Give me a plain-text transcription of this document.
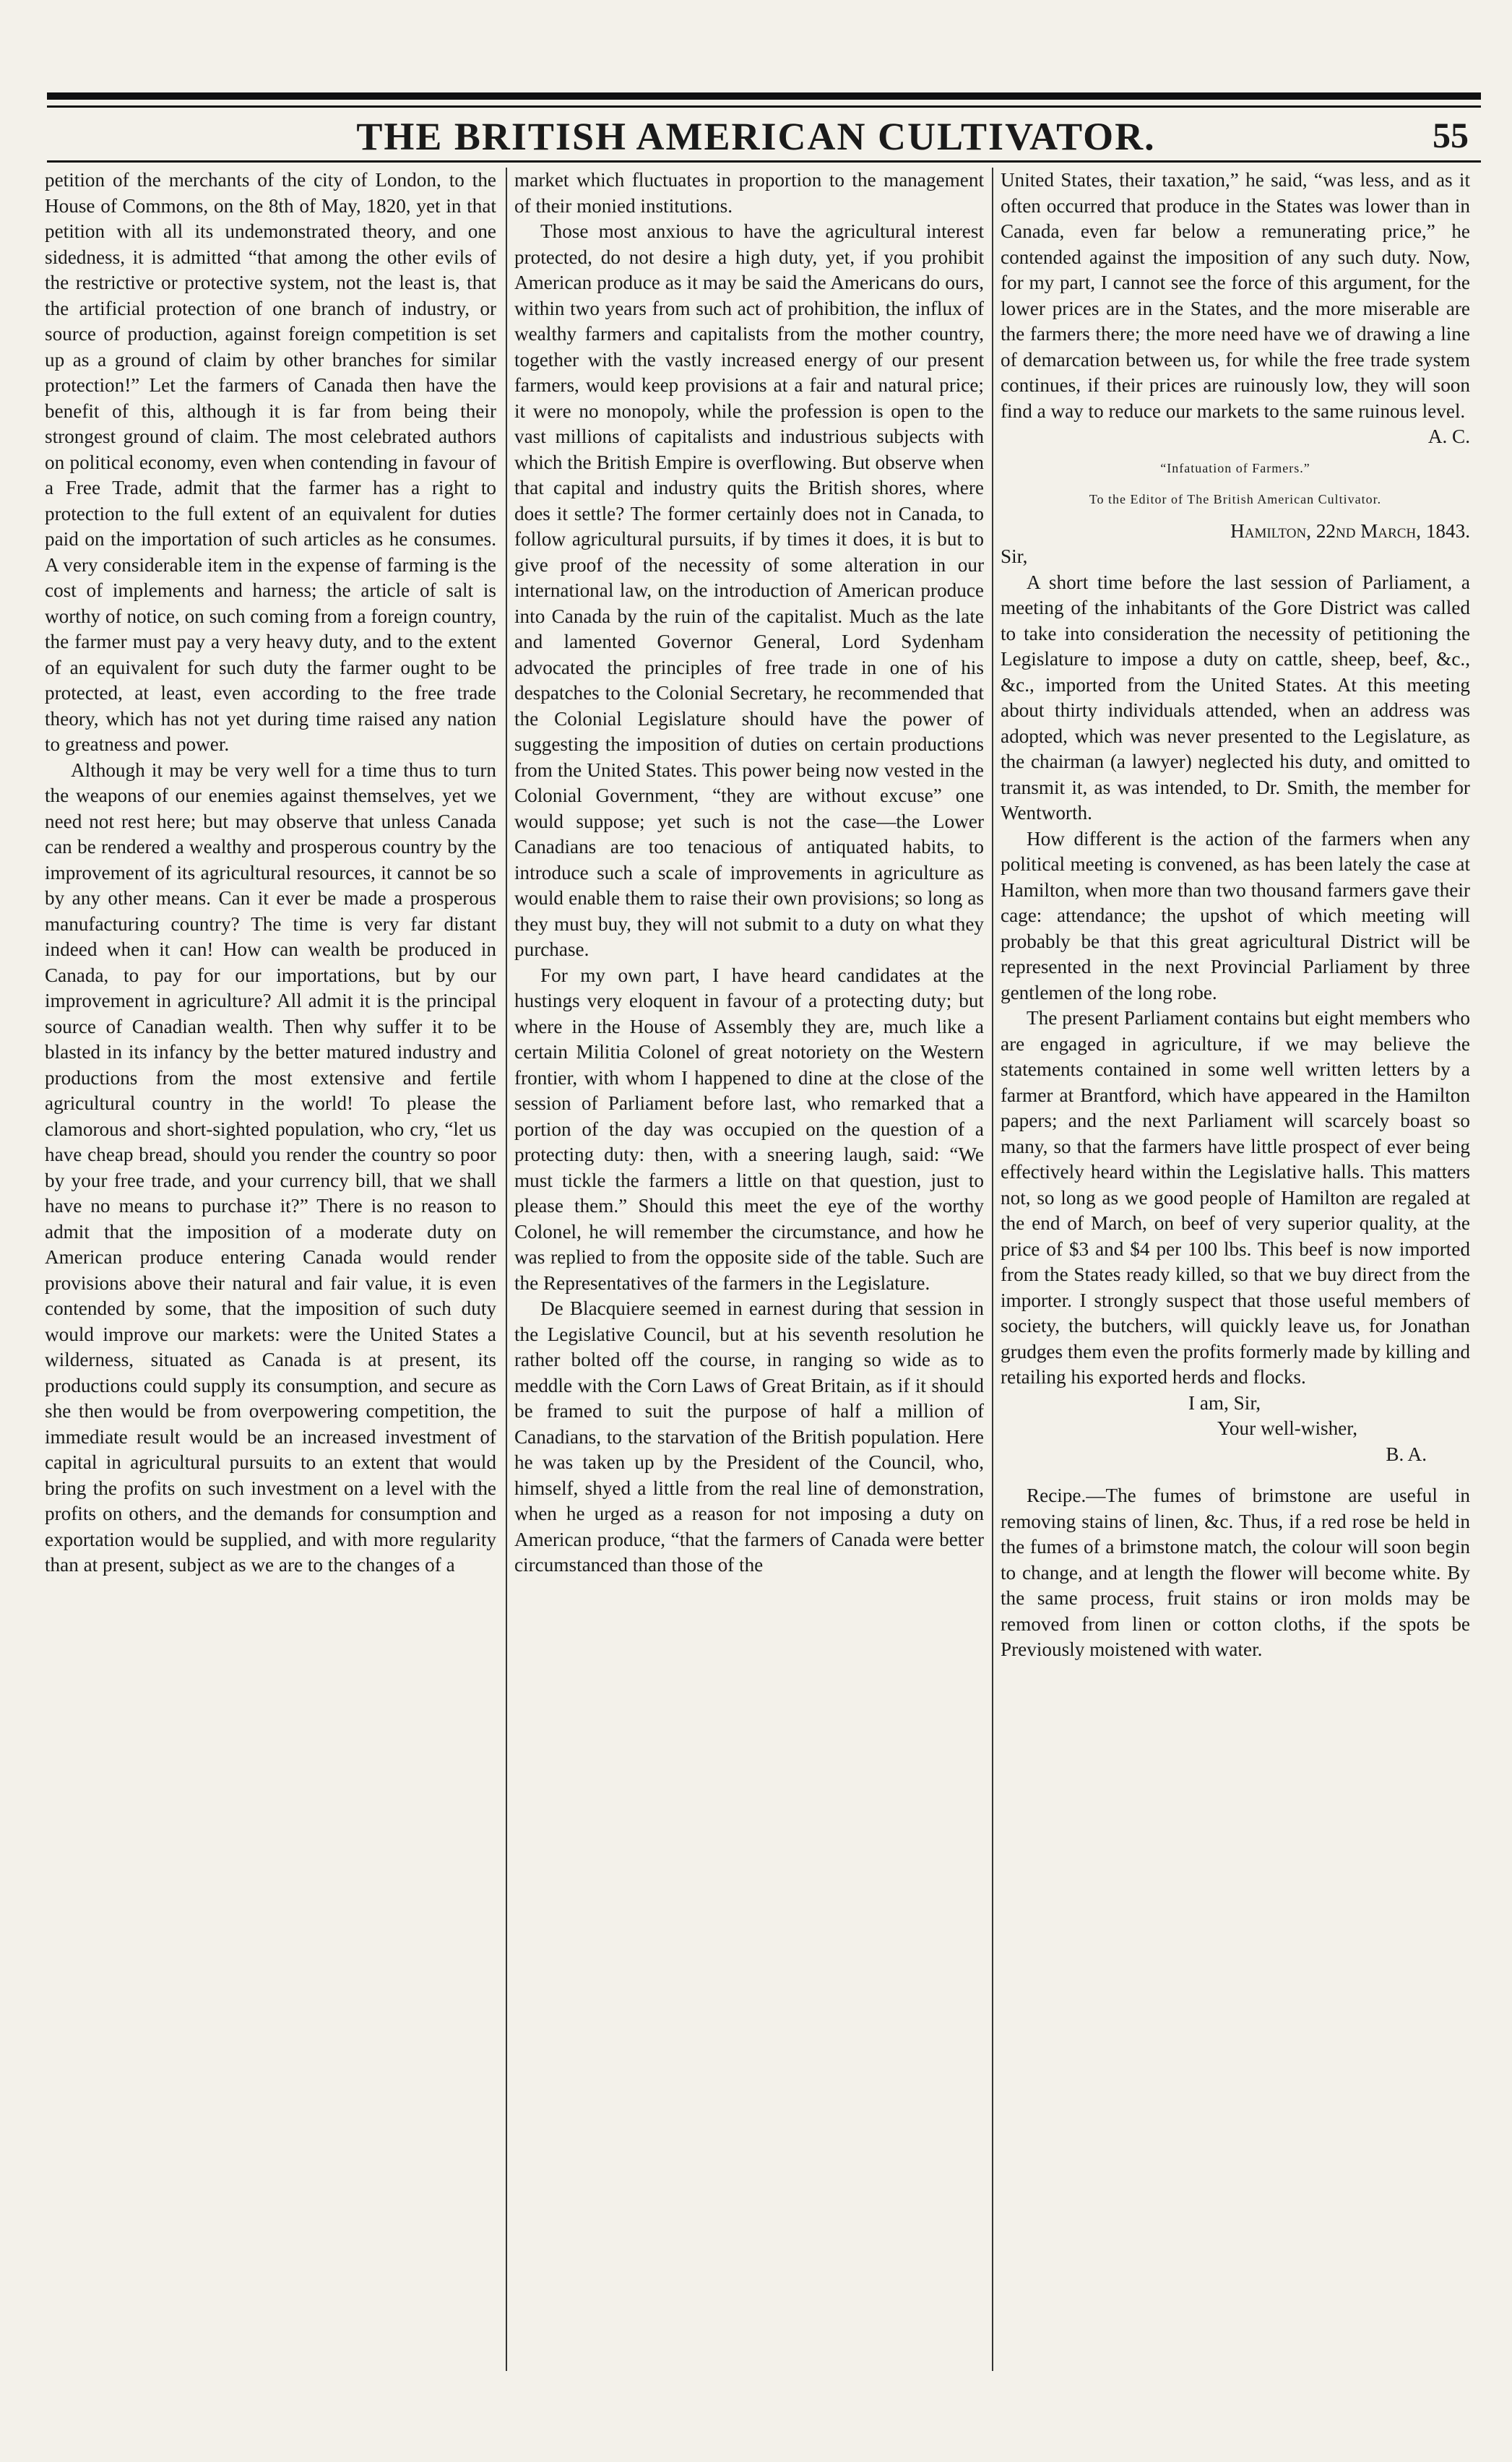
THE BRITISH AMERICAN CULTIVATOR.	55

petition of the merchants of the city of London, to the House of Commons, on the 8th of May, 1820, yet in that petition with all its undemonstrated theory, and one sidedness, it is admitted “that among the other evils of the restrictive or protective system, not the least is, that the artificial protection of one branch of industry, or source of production, against foreign competition is set up as a ground of claim by other branches for similar protection!” Let the farmers of Canada then have the benefit of this, although it is far from being their strongest ground of claim. The most celebrated authors on political economy, even when contending in favour of a Free Trade, admit that the farmer has a right to protection to the full extent of an equivalent for duties paid on the importation of such articles as he consumes. A very considerable item in the expense of farming is the cost of implements and harness; the article of salt is worthy of notice, on such coming from a foreign country, the farmer must pay a very heavy duty, and to the extent of an equivalent for such duty the farmer ought to be protected, at least, even according to the free trade theory, which has not yet during time raised any nation to greatness and power.

Although it may be very well for a time thus to turn the weapons of our enemies against themselves, yet we need not rest here; but may observe that unless Canada can be rendered a wealthy and prosperous country by the improvement of its agricultural resources, it cannot be so by any other means. Can it ever be made a prosperous manufacturing country? The time is very far distant indeed when it can! How can wealth be produced in Canada, to pay for our importations, but by our improvement in agriculture? All admit it is the principal source of Canadian wealth. Then why suffer it to be blasted in its infancy by the better matured industry and productions from the most extensive and fertile agricultural country in the world! To please the clamorous and short-sighted population, who cry, “let us have cheap bread, should you render the country so poor by your free trade, and your currency bill, that we shall have no means to purchase it?” There is no reason to admit that the imposition of a moderate duty on American produce entering Canada would render provisions above their natural and fair value, it is even contended by some, that the imposition of such duty would improve our markets: were the United States a wilderness, situated as Canada is at present, its productions could supply its consumption, and secure as she then would be from overpowering competition, the immediate result would be an increased investment of capital in agricultural pursuits to an extent that would bring the profits on such investment on a level with the profits on others, and the demands for consumption and exportation would be supplied, and with more regularity than at present, subject as we are to the changes of a

market which fluctuates in proportion to the management of their monied institutions.

Those most anxious to have the agricultural interest protected, do not desire a high duty, yet, if you prohibit American produce as it may be said the Americans do ours, within two years from such act of prohibition, the influx of wealthy farmers and capitalists from the mother country, together with the vastly increased energy of our present farmers, would keep provisions at a fair and natural price; it were no monopoly, while the profession is open to the vast millions of capitalists and industrious subjects with which the British Empire is overflowing. But observe when that capital and industry quits the British shores, where does it settle? The former certainly does not in Canada, to follow agricultural pursuits, if by times it does, it is but to give proof of the necessity of some alteration in our international law, on the introduction of American produce into Canada by the ruin of the capitalist. Much as the late and lamented Governor General, Lord Sydenham advocated the principles of free trade in one of his despatches to the Colonial Secretary, he recommended that the Colonial Legislature should have the power of suggesting the imposition of duties on certain productions from the United States. This power being now vested in the Colonial Government, “they are without excuse” one would suppose; yet such is not the case—the Lower Canadians are too tenacious of antiquated habits, to introduce such a scale of improvements in agriculture as would enable them to raise their own provisions; so long as they must buy, they will not submit to a duty on what they purchase.

For my own part, I have heard candidates at the hustings very eloquent in favour of a protecting duty; but where in the House of Assembly they are, much like a certain Militia Colonel of great notoriety on the Western frontier, with whom I happened to dine at the close of the session of Parliament before last, who remarked that a portion of the day was occupied on the question of a protecting duty: then, with a sneering laugh, said: “We must tickle the farmers a little on that question, just to please them.” Should this meet the eye of the worthy Colonel, he will remember the circumstance, and how he was replied to from the opposite side of the table. Such are the Representatives of the farmers in the Legislature.

De Blacquiere seemed in earnest during that session in the Legislative Council, but at his seventh resolution he rather bolted off the course, in ranging so wide as to meddle with the Corn Laws of Great Britain, as if it should be framed to suit the purpose of half a million of Canadians, to the starvation of the British population. Here he was taken up by the President of the Council, who, himself, shyed a little from the real line of demonstration, when he urged as a reason for not imposing a duty on American produce, “that the farmers of Canada were better circumstanced than those of the

United States, their taxation,” he said, “was less, and as it often occurred that produce in the States was lower than in Canada, even far below a remunerating price,” he contended against the imposition of any such duty. Now, for my part, I cannot see the force of this argument, for the lower prices are in the States, and the more miserable are the farmers there; the more need have we of drawing a line of demarcation between us, for while the free trade system continues, if their prices are ruinously low, they will soon find a way to reduce our markets to the same ruinous level.

A. C.

“Infatuation of Farmers.”

To the Editor of The British American Cultivator.

Hamilton, 22nd March, 1843.

Sir,

A short time before the last session of Parliament, a meeting of the inhabitants of the Gore District was called to take into consideration the necessity of petitioning the Legislature to impose a duty on cattle, sheep, beef, &c., &c., imported from the United States. At this meeting about thirty individuals attended, when an address was adopted, which was never presented to the Legislature, as the chairman (a lawyer) neglected his duty, and omitted to transmit it, as was intended, to Dr. Smith, the member for Wentworth.

How different is the action of the farmers when any political meeting is convened, as has been lately the case at Hamilton, when more than two thousand farmers gave their cage: attendance; the upshot of which meeting will probably be that this great agricultural District will be represented in the next Provincial Parliament by three gentlemen of the long robe.

The present Parliament contains but eight members who are engaged in agriculture, if we may believe the statements contained in some well written letters by a farmer at Brantford, which have appeared in the Hamilton papers; and the next Parliament will scarcely boast so many, so that the farmers have little prospect of ever being effectively heard within the Legislative halls. This matters not, so long as we good people of Hamilton are regaled at the end of March, on beef of very superior quality, at the price of $3 and $4 per 100 lbs. This beef is now imported from the States ready killed, so that we buy direct from the importer. I strongly suspect that those useful members of society, the butchers, will quickly leave us, for Jonathan grudges them even the profits formerly made by killing and retailing his exported herds and flocks.

I am, Sir,

Your well-wisher,

B. A.

Recipe.—The fumes of brimstone are useful in removing stains of linen, &c. Thus, if a red rose be held in the fumes of a brimstone match, the colour will soon begin to change, and at length the flower will become white. By the same process, fruit stains or iron molds may be removed from linen or cotton cloths, if the spots be Previously moistened with water.
